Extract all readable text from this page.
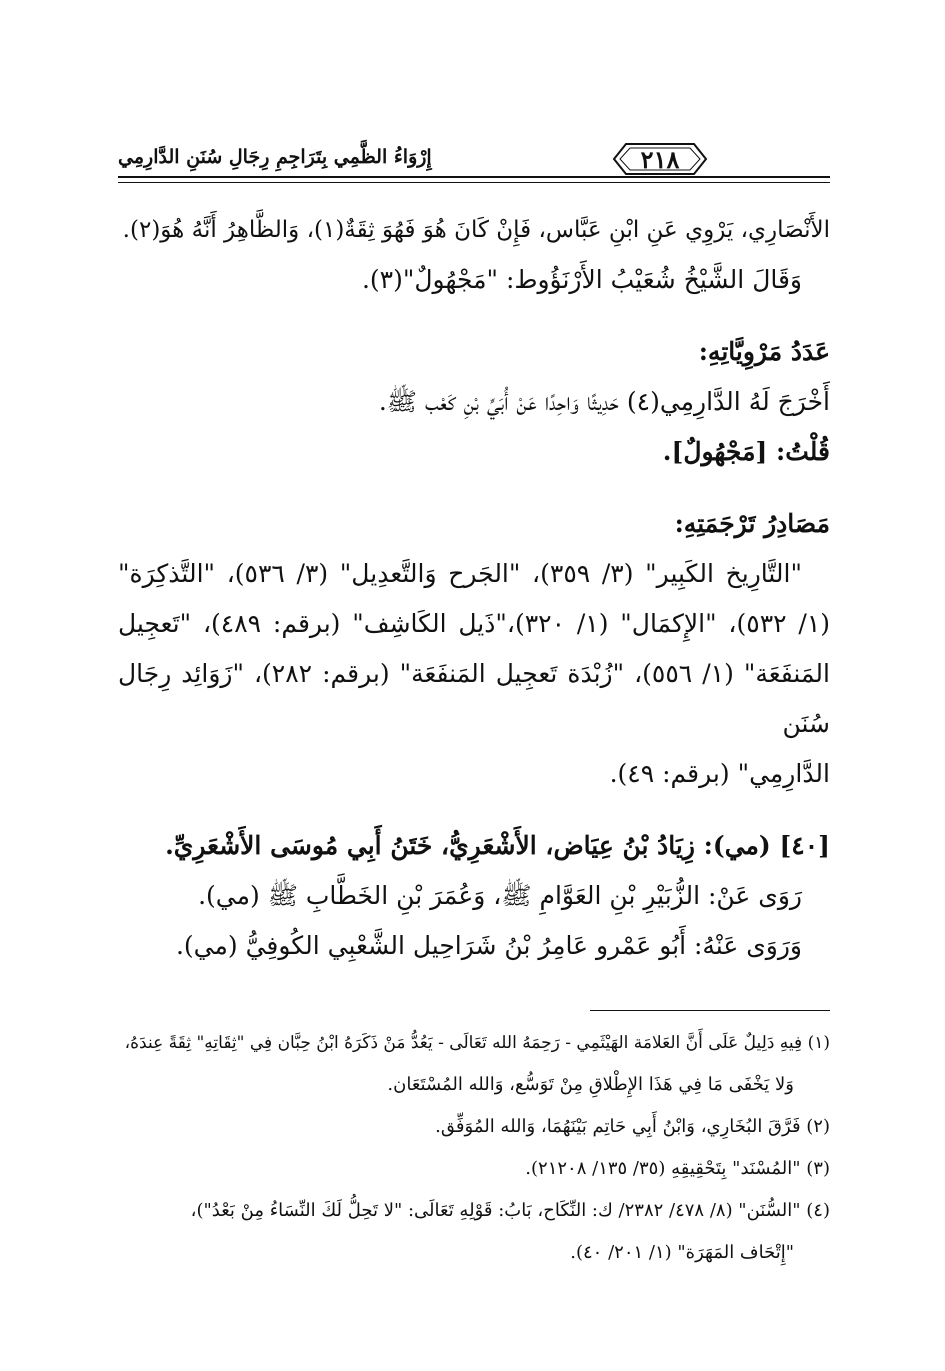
٢١٨
إِرْوَاءُ الظَّمِي بِتَرَاجِمِ رِجَالِ سُنَنِ الدَّارِمِي
الأَنْصَارِي، يَرْوِي عَنِ ابْنِ عَبَّاس، فَإِنْ كَانَ هُوَ فَهُوَ ثِقَةٌ(١)، وَالظَّاهِرُ أَنَّهُ هُوَ(٢).
وَقَالَ الشَّيْخُ شُعَيْبُ الأَرْنَؤُوط: "مَجْهُولٌ"(٣).
عَدَدُ مَرْوِيَّاتِهِ:
أَخْرَجَ لَهُ الدَّارِمِي(٤) حَدِيثًا وَاحِدًا عَنْ أُبَيِّ بْنِ كَعْب ﷺ.
قُلْتُ: [مَجْهُولٌ].
مَصَادِرُ تَرْجَمَتِهِ:
"التَّارِيخ الكَبِير" (٣/ ٣٥٩)، "الجَرح وَالتَّعدِيل" (٣/ ٥٣٦)، "التَّذكِرَة"
(١/ ٥٣٢)، "الإِكمَال" (١/ ٣٢٠)،"ذَيل الكَاشِف" (برقم: ٤٨٩)، "تَعجِيل
المَنفَعَة" (١/ ٥٥٦)، "زُبْدَة تَعجِيل المَنفَعَة" (برقم: ٢٨٢)، "زَوَائِد رِجَال سُنَن
الدَّارِمِي" (برقم: ٤٩).
[٤٠] (مي): زِيَادُ بْنُ عِيَاض، الأَشْعَرِيُّ، خَتَنُ أَبِي مُوسَى الأَشْعَرِيِّ.
رَوَى عَنْ: الزُّبَيْرِ بْنِ العَوَّامِ ﷺ، وَعُمَرَ بْنِ الخَطَّابِ ﷺ (مي).
وَرَوَى عَنْهُ: أَبُو عَمْرو عَامِرُ بْنُ شَرَاحِيل الشَّعْبِي الكُوفِيُّ (مي).
(١) فِيهِ دَلِيلٌ عَلَى أَنَّ العَلامَة الهَيْثَمِي - رَحِمَهُ الله تَعَالَى - يَعُدُّ مَنْ ذَكَرَهُ ابْنُ حِبَّان فِي "ثِقَاتِهِ" ثِقَةً عِندَهُ،
وَلا يَخْفَى مَا فِي هَذَا الإِطْلاقِ مِنْ تَوَسُّع، وَالله المُسْتَعَان.
(٢) فَرَّقَ البُخَارِي، وَابْنُ أَبِي حَاتِم بَيْنَهُمَا، وَالله المُوَفِّق.
(٣) "المُسْنَد" بِتَحْقِيقِهِ (٣٥/ ١٣٥/ ٢١٢٠٨).
(٤) "السُّنَن" (٨/ ٤٧٨/ ٢٣٨٢/ ك: النِّكَاح، بَابُ: قَوْلِهِ تَعَالَى: "لا تَحِلُّ لَكَ النِّسَاءُ مِنْ بَعْدُ")،
"إِتْحَاف المَهَرَة" (١/ ٢٠١/ ٤٠).
